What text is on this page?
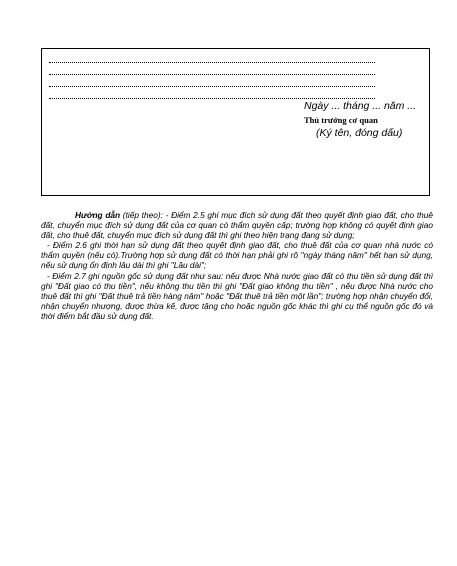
Ngày ... tháng ... năm ...
Thủ trưởng cơ quan
(Ký tên, đóng dấu)

Hướng dẫn (tiếp theo): - Điểm 2.5 ghi mục đích sử dụng đất theo quyết định giao đất, cho thuê đất, chuyển mục đích sử dụng đất của cơ quan có thẩm quyền cấp; trường hợp không có quyết định giao đất, cho thuê đất, chuyển mục đích sử dụng đất thì ghi theo hiện trạng đang sử dụng;

- Điểm 2.6 ghi thời hạn sử dụng đất theo quyết định giao đất, cho thuê đất của cơ quan nhà nước có thẩm quyền (nếu có).Trường hợp sử dụng đất có thời hạn phải ghi rõ "ngày tháng năm" hết hạn sử dụng, nếu sử dụng ổn định lâu dài thì ghi "Lâu dài";

- Điểm 2.7 ghi nguồn gốc sử dụng đất như sau: nếu được Nhà nước giao đất có thu tiền sử dụng đất thì ghi "Đất giao có thu tiền", nếu không thu tiền thì ghi "Đất giao không thu tiền" , nếu được Nhà nước cho thuê đất thì ghi "Đất thuê trả tiền hàng năm" hoặc "Đất thuê trả tiền một lần"; trường hợp nhận chuyển đổi, nhận chuyển nhượng, được thừa kế, được tặng cho hoặc nguồn gốc khác thì ghi cụ thể nguồn gốc đó và thời điểm bắt đầu sử dụng đất.
